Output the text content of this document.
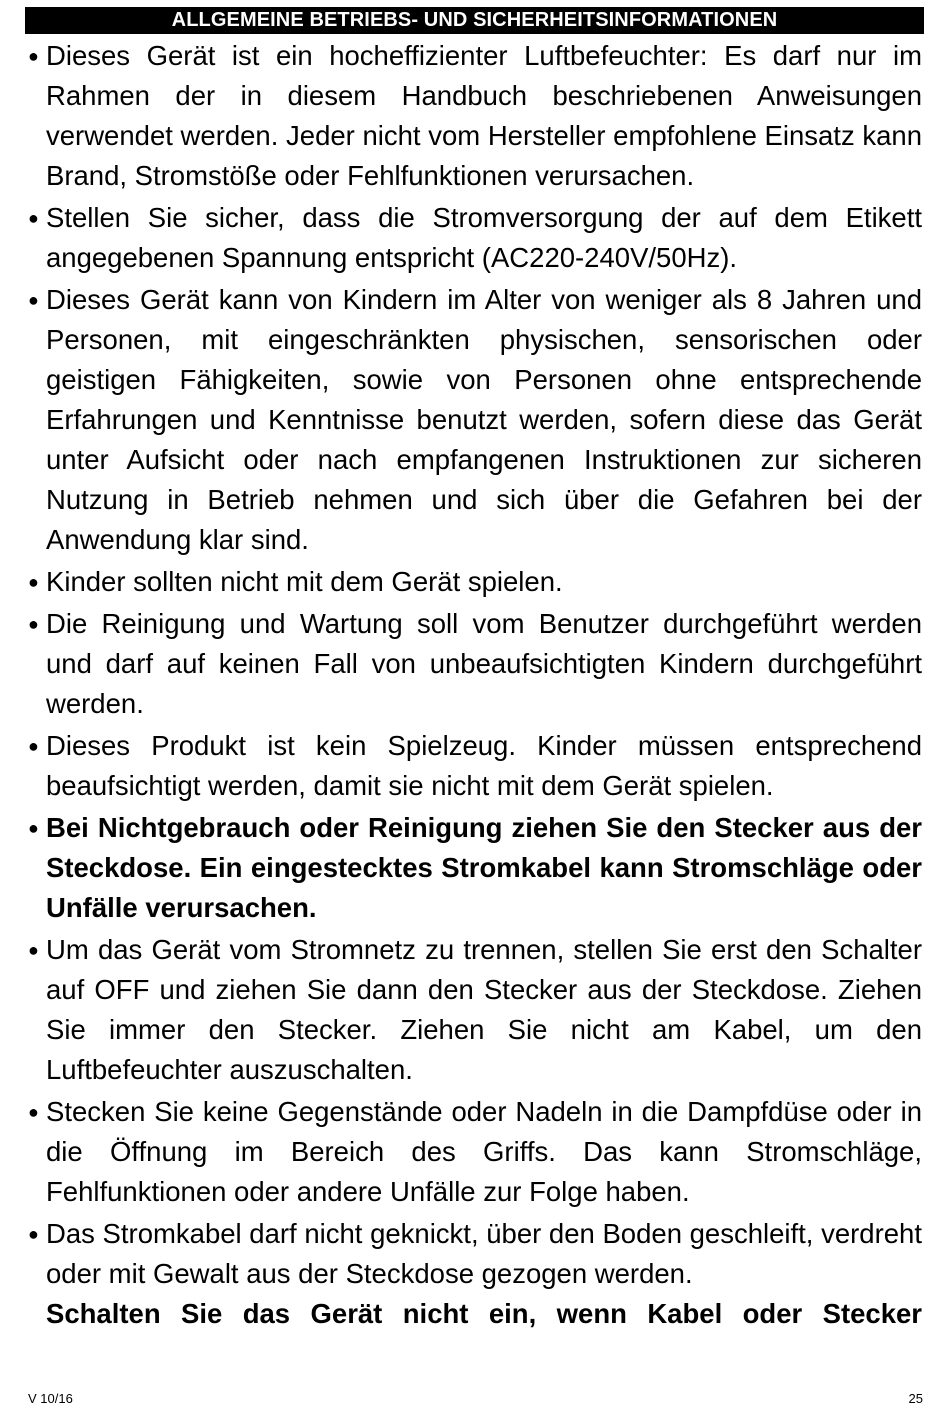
ALLGEMEINE BETRIEBS- UND SICHERHEITSINFORMATIONEN
● Dieses Gerät ist ein hocheffizienter Luftbefeuchter: Es darf nur im Rahmen der in diesem Handbuch beschriebenen Anweisungen verwendet werden. Jeder nicht vom Hersteller empfohlene Einsatz kann Brand, Stromstöße oder Fehlfunktionen verursachen.
● Stellen Sie sicher, dass die Stromversorgung der auf dem Etikett angegebenen Spannung entspricht (AC220-240V/50Hz).
● Dieses Gerät kann von Kindern im Alter von weniger als 8 Jahren und Personen, mit eingeschränkten physischen, sensorischen oder geistigen Fähigkeiten, sowie von Personen ohne entsprechende Erfahrungen und Kenntnisse benutzt werden, sofern diese das Gerät unter Aufsicht oder nach empfangenen Instruktionen zur sicheren Nutzung in Betrieb nehmen und sich über die Gefahren bei der Anwendung klar sind.
● Kinder sollten nicht mit dem Gerät spielen.
● Die Reinigung und Wartung soll vom Benutzer durchgeführt werden und darf auf keinen Fall von unbeaufsichtigten Kindern durchgeführt werden.
● Dieses Produkt ist kein Spielzeug. Kinder müssen entsprechend beaufsichtigt werden, damit sie nicht mit dem Gerät spielen.
● Bei Nichtgebrauch oder Reinigung ziehen Sie den Stecker aus der Steckdose. Ein eingestecktes Stromkabel kann Stromschläge oder Unfälle verursachen.
● Um das Gerät vom Stromnetz zu trennen, stellen Sie erst den Schalter auf OFF und ziehen Sie dann den Stecker aus der Steckdose. Ziehen Sie immer den Stecker. Ziehen Sie nicht am Kabel, um den Luftbefeuchter auszuschalten.
● Stecken Sie keine Gegenstände oder Nadeln in die Dampfdüse oder in die Öffnung im Bereich des Griffs. Das kann Stromschläge, Fehlfunktionen oder andere Unfälle zur Folge haben.
● Das Stromkabel darf nicht geknickt, über den Boden geschleift, verdreht oder mit Gewalt aus der Steckdose gezogen werden.
Schalten Sie das Gerät nicht ein, wenn Kabel oder Stecker
V 10/16	25
